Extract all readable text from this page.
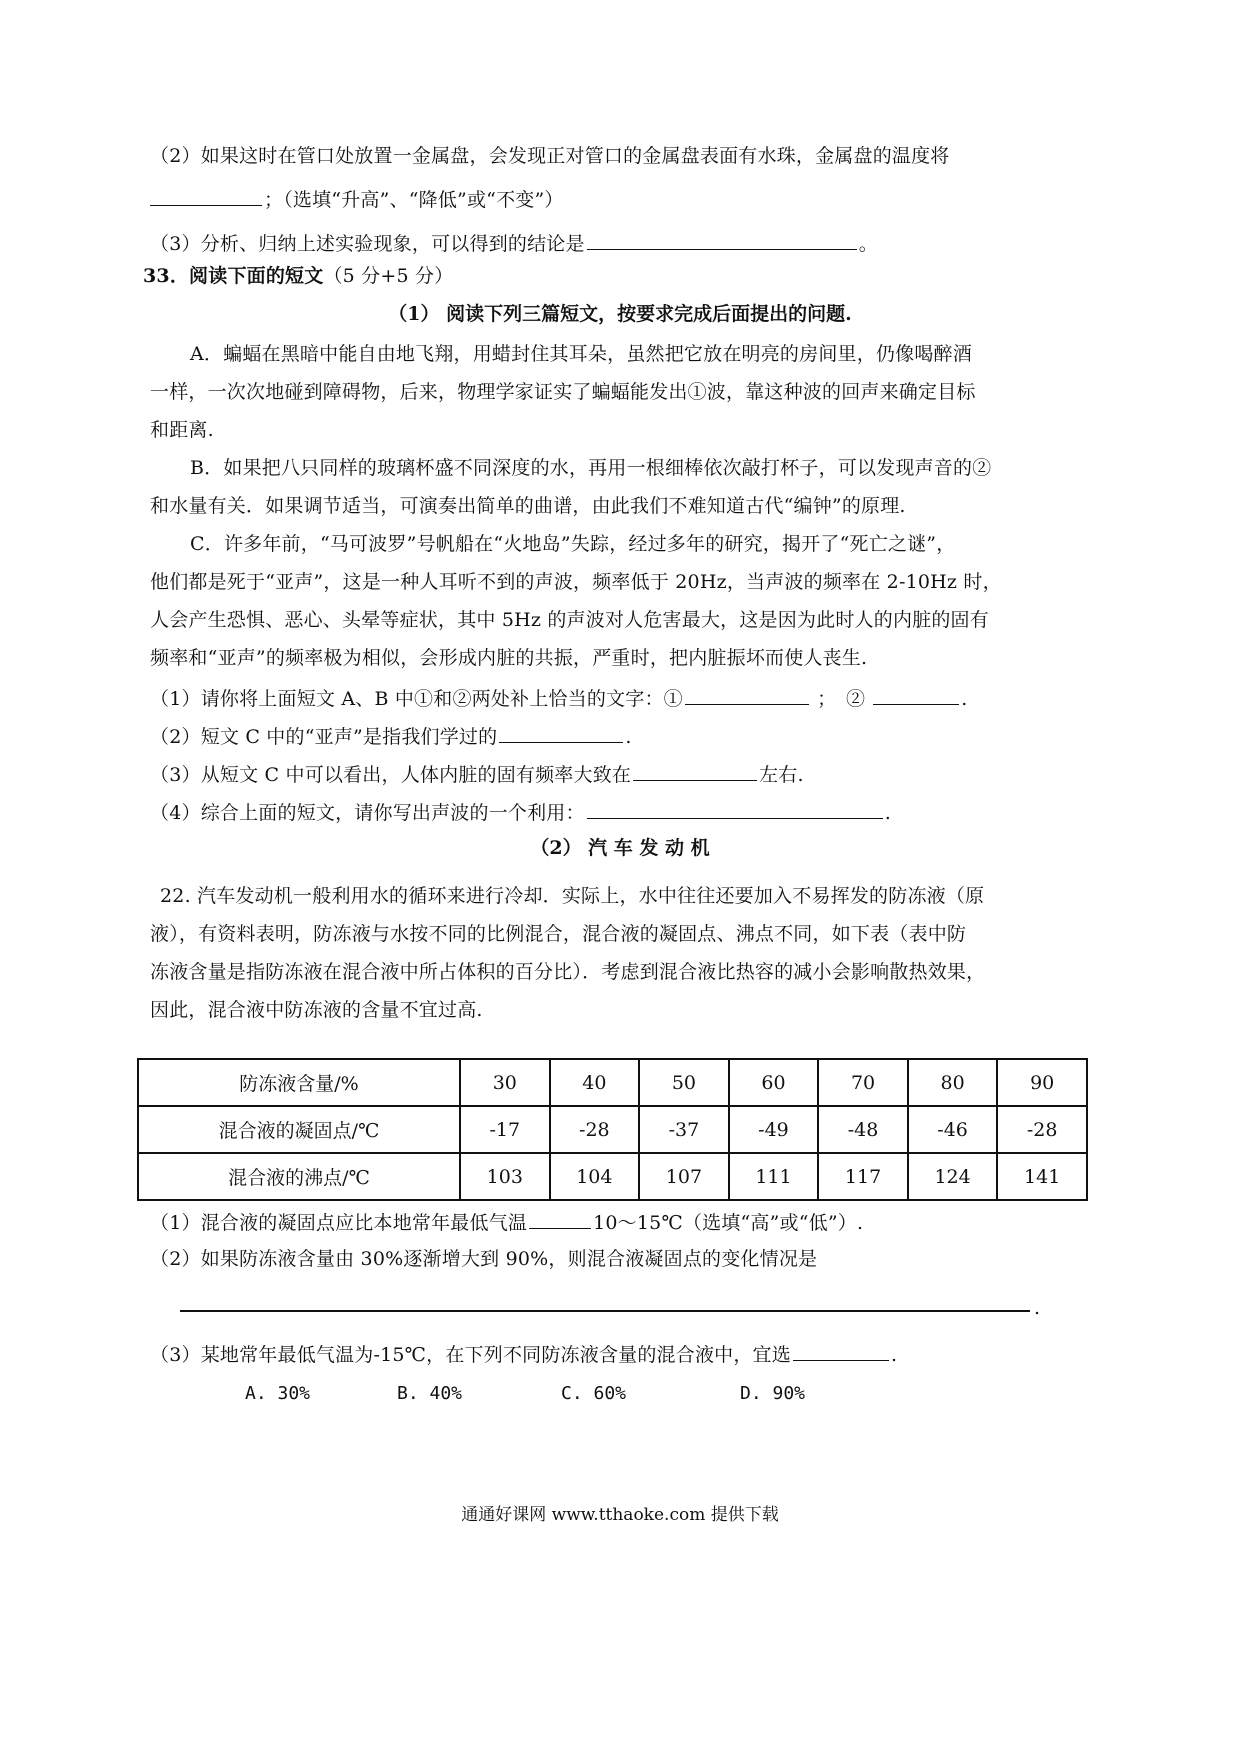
（2）如果这时在管口处放置一金属盘，会发现正对管口的金属盘表面有水珠，金属盘的温度将
；（选填“升高”、“降低”或“不变”）
（3）分析、归纳上述实验现象，可以得到的结论是	。
33．阅读下面的短文（5 分+5 分）
（1） 阅读下列三篇短文，按要求完成后面提出的问题.
A．蝙蝠在黑暗中能自由地飞翔，用蜡封住其耳朵，虽然把它放在明亮的房间里，仍像喝醉酒
一样，一次次地碰到障碍物，后来，物理学家证实了蝙蝠能发出①波，靠这种波的回声来确定目标
和距离.
B．如果把八只同样的玻璃杯盛不同深度的水，再用一根细棒依次敲打杯子，可以发现声音的②
和水量有关．如果调节适当，可演奏出简单的曲谱，由此我们不难知道古代“编钟”的原理.
C．许多年前，“马可波罗”号帆船在“火地岛”失踪，经过多年的研究，揭开了“死亡之谜”，
他们都是死于“亚声”，这是一种人耳听不到的声波，频率低于 20Hz，当声波的频率在 2-10Hz 时，
人会产生恐惧、恶心、头晕等症状，其中 5Hz 的声波对人危害最大，这是因为此时人的内脏的固有
频率和“亚声”的频率极为相似，会形成内脏的共振，严重时，把内脏振坏而使人丧生.
（1）请你将上面短文 A、B 中①和②两处补上恰当的文字：①	；　②	.
（2）短文 C 中的“亚声”是指我们学过的	.
（3）从短文 C 中可以看出，人体内脏的固有频率大致在	左右.
（4）综合上面的短文，请你写出声波的一个利用：	.
（2） 汽 车 发 动 机
22. 汽车发动机一般利用水的循环来进行冷却．实际上，水中往往还要加入不易挥发的防冻液（原
液），有资料表明，防冻液与水按不同的比例混合，混合液的凝固点、沸点不同，如下表（表中防
冻液含量是指防冻液在混合液中所占体积的百分比）．考虑到混合液比热容的减小会影响散热效果，
因此，混合液中防冻液的含量不宜过高.
防冻液含量/%	30	40	50	60	70	80	90
混合液的凝固点/℃	-17	-28	-37	-49	-48	-46	-28
混合液的沸点/℃	103	104	107	111	117	124	141
（1）混合液的凝固点应比本地常年最低气温	10～15℃（选填“高”或“低”）.
（2）如果防冻液含量由 30%逐渐增大到 90%，则混合液凝固点的变化情况是
.
（3）某地常年最低气温为-15℃，在下列不同防冻液含量的混合液中，宜选	.
A. 30%	B. 40%	C. 60%	D. 90%
通通好课网 www.tthaoke.com 提供下载
